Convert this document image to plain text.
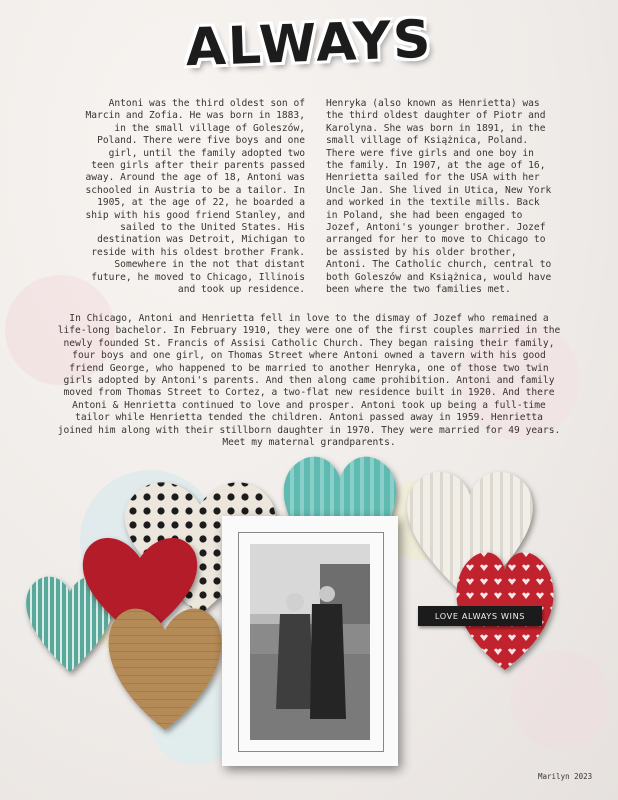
ALWAYS
Antoni was the third oldest son of
Marcin and Zofia. He was born in 1883,
in the small village of Goleszów,
Poland. There were five boys and one
girl, until the family adopted two
teen girls after their parents passed
away. Around the age of 18, Antoni was
schooled in Austria to be a tailor. In
1905, at the age of 22, he boarded a
ship with his good friend Stanley, and
sailed to the United States. His
destination was Detroit, Michigan to
reside with his oldest brother Frank.
Somewhere in the not that distant
future, he moved to Chicago, Illinois
and took up residence.
Henryka (also known as Henrietta) was
the third oldest daughter of Piotr and
Karolyna. She was born in 1891, in the
small village of Książnica, Poland.
There were five girls and one boy in
the family. In 1907, at the age of 16,
Henrietta sailed for the USA with her
Uncle Jan. She lived in Utica, New York
and worked in the textile mills. Back
in Poland, she had been engaged to
Jozef, Antoni's younger brother. Jozef
arranged for her to move to Chicago to
be assisted by his older brother,
Antoni. The Catholic church, central to
both Goleszów and Książnica, would have
been where the two families met.
In Chicago, Antoni and Henrietta fell in love to the dismay of Jozef who remained a
life-long bachelor. In February 1910, they were one of the first couples married in the
newly founded St. Francis of Assisi Catholic Church. They began raising their family,
four boys and one girl, on Thomas Street where Antoni owned a tavern with his good
friend George, who happened to be married to another Henryka, one of those two twin
girls adopted by Antoni's parents. And then along came prohibition. Antoni and family
moved from Thomas Street to Cortez, a two-flat new residence built in 1920. And there
Antoni & Henrietta continued to love and prosper. Antoni took up being a full-time
tailor while Henrietta tended the children. Antoni passed away in 1959. Henrietta
joined him along with their stillborn daughter in 1970. They were married for 49 years.
Meet my maternal grandparents.
LOVE ALWAYS WINS
Marilyn 2023
